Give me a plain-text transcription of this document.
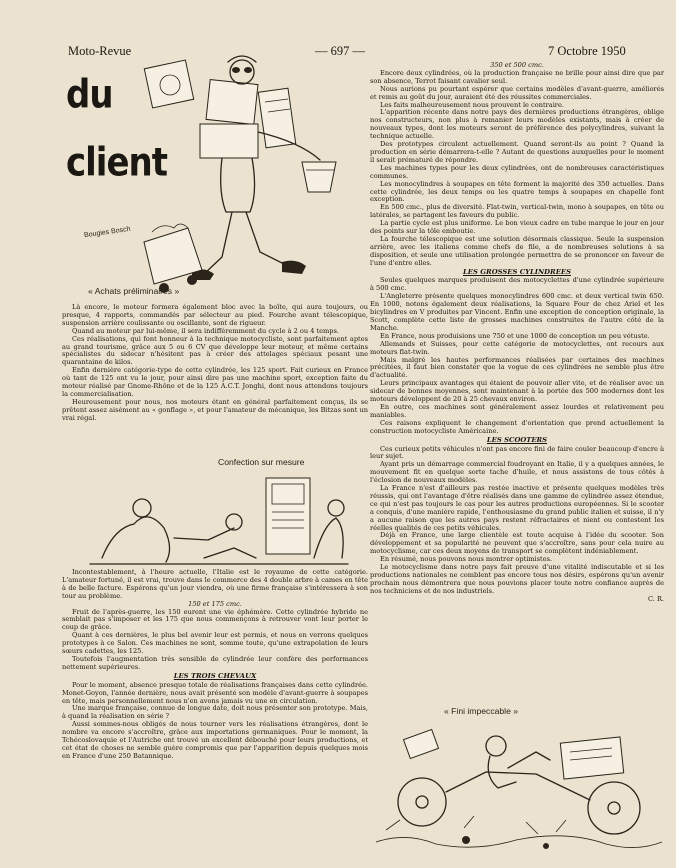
Moto-Revue	— 697 —	7 Octobre 1950
du
client
Bougies Bosch
« Achats préliminaires »

Là encore, le moteur formera également bloc avec la boîte, qui aura toujours, ou presque, 4 rapports, commandés par sélecteur au pied. Fourche avant télescopique, suspension arrière coulissante ou oscillante, sont de rigueur.

Quand au moteur par lui-même, il sera indifféremment du cycle à 2 ou 4 temps.

Ces réalisations, qui font honneur à la technique motocycliste, sont parfaitement aptes au grand tourisme, grâce aux 5 ou 6 CV que développe leur moteur, et même certains spécialistes du sidecar n'hésitent pas à créer des attelages spéciaux pesant une quarantaine de kilos.

Enfin dernière catégorie-type de cette cylindrée, les 125 sport. Fait curieux en France où tant de 125 ont vu le jour, pour ainsi dire pas une machine sport, exception faite du moteur réalisé par Gnome-Rhône et de la 125 A.C.T. Jonghi, dont nous attendons toujours la commercialisation.

Heureusement pour nous, nos moteurs étant en général parfaitement conçus, ils se prêtent assez aisément au « gonflage », et pour l'amateur de mécanique, les Bitzas sont un vrai régal.

Confection sur mesure

Incontestablement, à l'heure actuelle, l'Italie est le royaume de cette catégorie. L'amateur fortuné, il est vrai, trouve dans le commerce des 4 double arbre à cames en tête à de belle facture. Espérons qu'un jour viendra, où une firme française s'intéressera à son tour au problème.

150 et 175 cmc.

Fruit de l'après-guerre, les 150 eurent une vie éphémère. Cette cylindrée hybride ne semblait pas s'imposer et les 175 que nous commençons à retrouver vont leur porter le coup de grâce.

Quant à ces dernières, le plus bel avenir leur est permis, et nous en verrons quelques prototypes à ce Salon. Ces machines ne sont, somme toute, qu'une extrapolation de leurs sœurs cadettes, les 125.

Toutefois l'augmentation très sensible de cylindrée leur confère des performances nettement supérieures.

LES TROIS CHEVAUX

Pour le moment, absence presque totale de réalisations françaises dans cette cylindrée. Monet-Goyon, l'année dernière, nous avait présenté son modèle d'avant-guerre à soupapes en tête, mais personnellement nous n'en avons jamais vu une en circulation.

Une marque française, connue de longue date, doit nous présenter son prototype. Mais, à quand la réalisation en série ?

Aussi sommes-nous obligés de nous tourner vers les réalisations étrangères, dont le nombre va encore s'accroître, grâce aux importations germaniques. Pour le moment, la Tchécoslovaquie et l'Autriche ont trouvé un excellent débouché pour leurs productions, et cet état de choses ne semble guère compromis que par l'apparition depuis quelques mois en France d'une 250 Batannique.

350 et 500 cmc.

Encore deux cylindrées, où la production française ne brille pour ainsi dire que par son absence, Terrot faisant cavalier seul.

Nous aurions pu pourtant espérer que certains modèles d'avant-guerre, améliorés et remis au goût du jour, auraient été des réussites commerciales.

Les faits malheureusement nous prouvent le contraire.

L'apparition récente dans notre pays des dernières productions étrangères, oblige nos constructeurs, non plus à remanier leurs modèles existants, mais à créer de nouveaux types, dont les moteurs seront de préférence des polycylindres, suivant la technique actuelle.

Des prototypes circulent actuellement. Quand seront-ils au point ? Quand la production en série démarrera-t-elle ? Autant de questions auxquelles pour le moment il serait prématuré de répondre.

Les machines types pour les deux cylindrées, ont de nombreuses caractéristiques communes.

Les monocylindres à soupapes en tête forment la majorité des 350 actuelles. Dans cette cylindrée, les deux temps ou les quatre temps à soupapes en chapelle font exception.

En 500 cmc., plus de diversité. Flat-twin, vertical-twin, mono à soupapes, en tête ou latérales, se partagent les faveurs du public.

La partie cycle est plus uniforme. Le bon vieux cadre en tube marque le jour en jour des points sur la tôle emboutie.

La fourche télescopique est une solution désormais classique. Seule la suspension arrière, avec les italiens comme chefs de file, a de nombreuses solutions à sa disposition, et seule une utilisation prolongée permettra de se prononcer en faveur de l'une d'entre elles.

LES GROSSES CYLINDREES

Seules quelques marques produisent des motocyclettes d'une cylindrée supérieure à 500 cmc.

L'Angleterre présente quelques monocylindres 600 cmc. et deux vertical twin 650. En 1000, notons également deux réalisations, la Square Four de chez Ariel et les bicylindres en V produites par Vincent. Enfin une exception de conception originale, la Scott, complète cette liste de grosses machines construites de l'autre côté de la Manche.

En France, nous produisions une 750 et une 1000 de conception un peu vétuste.

Allemands et Suisses, pour cette catégorie de motocyclettes, ont recours aux moteurs flat-twin.

Mais malgré les hautes performances réalisées par certaines des machines précitées, il faut bien constater que la vogue de ces cylindrées ne semble plus être d'actualité.

Leurs principaux avantages qui étaient de pouvoir aller vite, et de réaliser avec un sidecar de bonnes moyennes, sont maintenant à la portée des 500 modernes dont les moteurs développent de 20 à 25 chevaux environ.

En outre, ces machines sont généralement assez lourdes et relativement peu maniables.

Ces raisons expliquent le changement d'orientation que prend actuellement la construction motocycliste Américaine.

LES SCOOTERS

Ces curieux petits véhicules n'ont pas encore fini de faire couler beaucoup d'encre à leur sujet.

Ayant pris un démarrage commercial foudroyant en Italie, il y a quelques années, le mouvement fit en quelque sorte tache d'huile, et nous assistons de tous côtés à l'éclosion de nouveaux modèles.

La France n'est d'ailleurs pas restée inactive et présente quelques modèles très réussis, qui ont l'avantage d'être réalisés dans une gamme de cylindrée assez étendue, ce qui n'est pas toujours le cas pour les autres productions européennes. Si le scooter a conquis, d'une manière rapide, l'enthousiasme du grand public italien et suisse, il n'y a aucune raison que les autres pays restent réfractaires et nient ou contestent les réelles qualités de ces petits véhicules.

Déjà en France, une large clientèle est toute acquise à l'idée du scooter. Son développement et sa popularité ne peuvent que s'accroître, sans pour cela nuire au motocyclisme, car ces deux moyens de transport se complètent indéniablement.

En résumé, nous pouvons nous montrer optimistes.

Le motocyclisme dans notre pays fait preuve d'une vitalité indiscutable et si les productions nationales ne comblent pas encore tous nos désirs, espérons qu'un avenir prochain nous démontrera que nous pouvions placer toute notre confiance auprès de nos techniciens et de nos industriels.

C. R.

« Fini impeccable »
